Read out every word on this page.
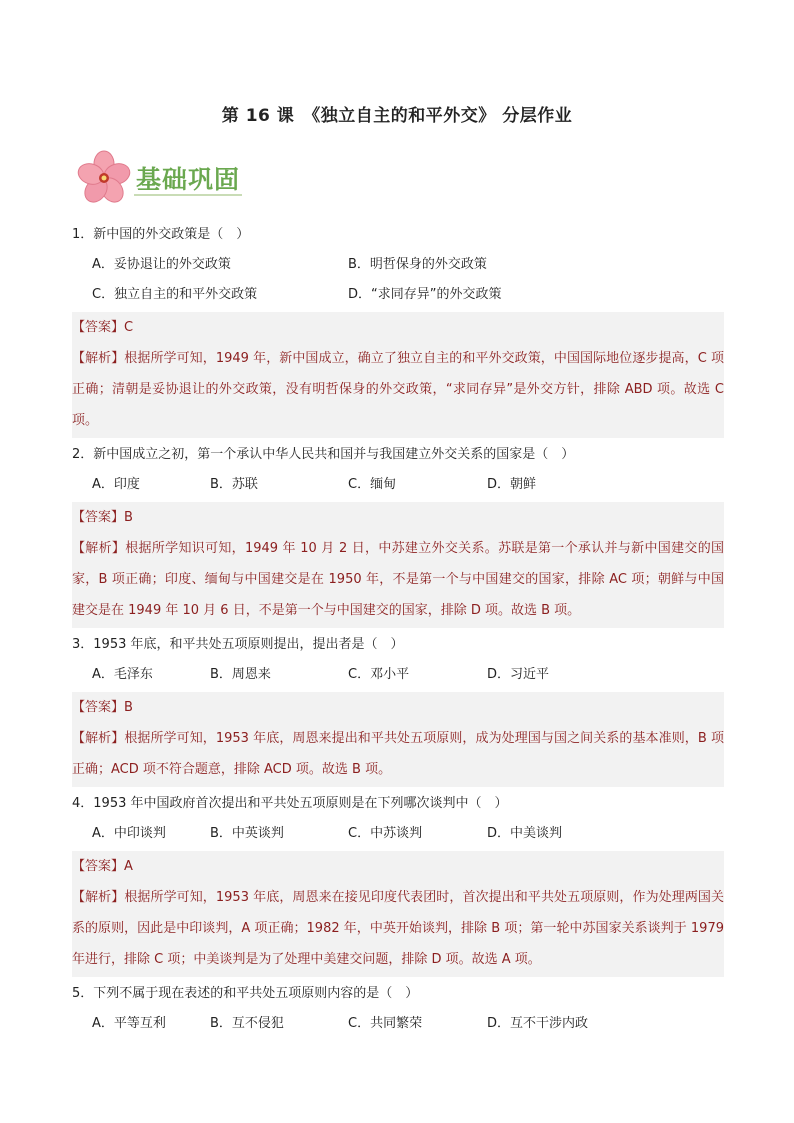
第 16 课　《独立自主的和平外交》 分层作业
基础巩固
1．新中国的外交政策是（　）
A．妥协退让的外交政策	B．明哲保身的外交政策
C．独立自主的和平外交政策	D．“求同存异”的外交政策
【答案】C
【解析】根据所学可知，1949 年，新中国成立，确立了独立自主的和平外交政策，中国国际地位逐步提高，C 项正确；清朝是妥协退让的外交政策，没有明哲保身的外交政策，“求同存异”是外交方针，排除 ABD 项。故选 C 项。
2．新中国成立之初，第一个承认中华人民共和国并与我国建立外交关系的国家是（　）
A．印度	B．苏联	C．缅甸	D．朝鲜
【答案】B
【解析】根据所学知识可知，1949 年 10 月 2 日，中苏建立外交关系。苏联是第一个承认并与新中国建交的国家，B 项正确；印度、缅甸与中国建交是在 1950 年，不是第一个与中国建交的国家，排除 AC 项；朝鲜与中国建交是在 1949 年 10 月 6 日，不是第一个与中国建交的国家，排除 D 项。故选 B 项。
3．1953 年底，和平共处五项原则提出，提出者是（　）
A．毛泽东	B．周恩来	C．邓小平	D．习近平
【答案】B
【解析】根据所学可知，1953 年底，周恩来提出和平共处五项原则，成为处理国与国之间关系的基本准则，B 项正确；ACD 项不符合题意，排除 ACD 项。故选 B 项。
4．1953 年中国政府首次提出和平共处五项原则是在下列哪次谈判中（　）
A．中印谈判	B．中英谈判	C．中苏谈判	D．中美谈判
【答案】A
【解析】根据所学可知，1953 年底，周恩来在接见印度代表团时，首次提出和平共处五项原则，作为处理两国关系的原则，因此是中印谈判，A 项正确；1982 年，中英开始谈判，排除 B 项；第一轮中苏国家关系谈判于 1979 年进行，排除 C 项；中美谈判是为了处理中美建交问题，排除 D 项。故选 A 项。
5．下列不属于现在表述的和平共处五项原则内容的是（　）
A．平等互利	B．互不侵犯	C．共同繁荣	D．互不干涉内政
